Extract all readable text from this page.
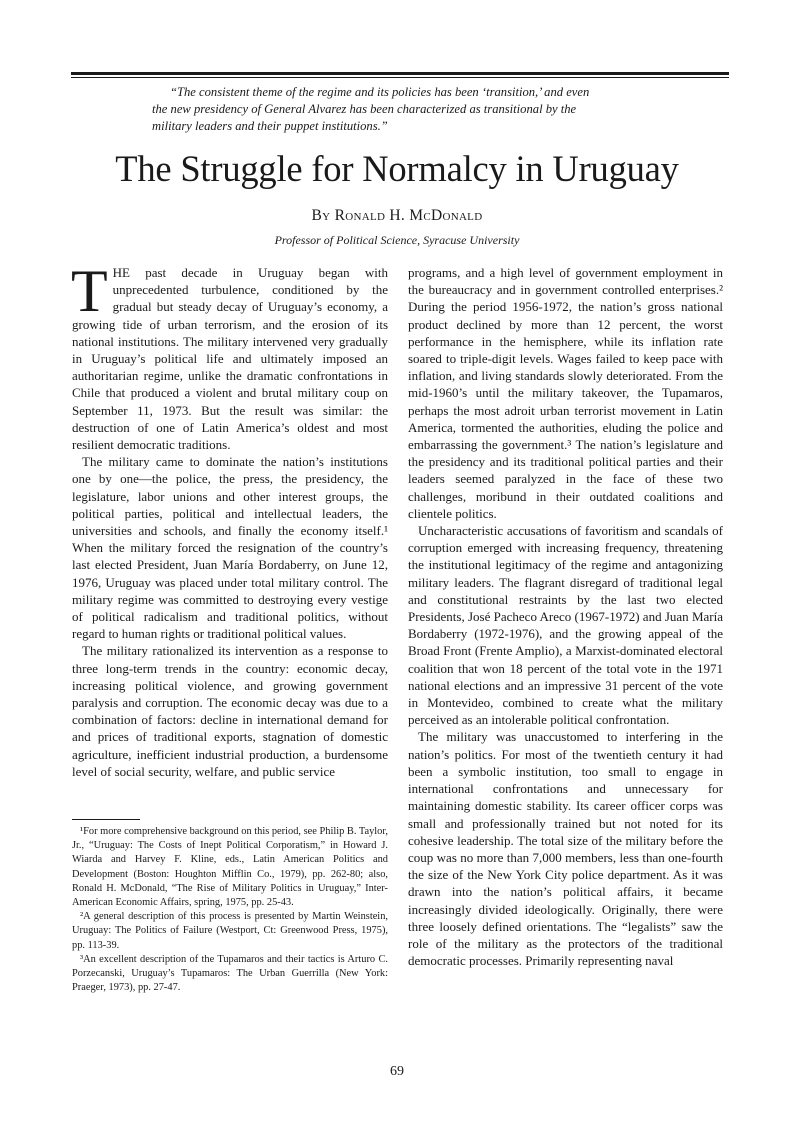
“The consistent theme of the regime and its policies has been ‘transition,’ and even
the new presidency of General Alvarez has been characterized as transitional by the
military leaders and their puppet institutions.”

The Struggle for Normalcy in Uruguay

By Ronald H. McDonald

Professor of Political Science, Syracuse University

THE past decade in Uruguay began with unprecedented turbulence, conditioned by the gradual but steady decay of Uruguay’s economy, a growing tide of urban terrorism, and the erosion of its national institutions. The military intervened very gradually in Uruguay’s political life and ultimately imposed an authoritarian regime, unlike the dramatic confrontations in Chile that produced a violent and brutal military coup on September 11, 1973. But the result was similar: the destruction of one of Latin America’s oldest and most resilient democratic traditions.

The military came to dominate the nation’s institutions one by one—the police, the press, the presidency, the legislature, labor unions and other interest groups, the political parties, political and intellectual leaders, the universities and schools, and finally the economy itself.¹ When the military forced the resignation of the country’s last elected President, Juan María Bordaberry, on June 12, 1976, Uruguay was placed under total military control. The military regime was committed to destroying every vestige of political radicalism and traditional politics, without regard to human rights or traditional political values.

The military rationalized its intervention as a response to three long-term trends in the country: economic decay, increasing political violence, and growing government paralysis and corruption. The economic decay was due to a combination of factors: decline in international demand for and prices of traditional exports, stagnation of domestic agriculture, inefficient industrial production, a burdensome level of social security, welfare, and public service

programs, and a high level of government employment in the bureaucracy and in government controlled enterprises.² During the period 1956-1972, the nation’s gross national product declined by more than 12 percent, the worst performance in the hemisphere, while its inflation rate soared to triple-digit levels. Wages failed to keep pace with inflation, and living standards slowly deteriorated. From the mid-1960’s until the military takeover, the Tupamaros, perhaps the most adroit urban terrorist movement in Latin America, tormented the authorities, eluding the police and embarrassing the government.³ The nation’s legislature and the presidency and its traditional political parties and their leaders seemed paralyzed in the face of these two challenges, moribund in their outdated coalitions and clientele politics.

Uncharacteristic accusations of favoritism and scandals of corruption emerged with increasing frequency, threatening the institutional legitimacy of the regime and antagonizing military leaders. The flagrant disregard of traditional legal and constitutional restraints by the last two elected Presidents, José Pacheco Areco (1967-1972) and Juan María Bordaberry (1972-1976), and the growing appeal of the Broad Front (Frente Amplio), a Marxist-dominated electoral coalition that won 18 percent of the total vote in the 1971 national elections and an impressive 31 percent of the vote in Montevideo, combined to create what the military perceived as an intolerable political confrontation.

The military was unaccustomed to interfering in the nation’s politics. For most of the twentieth century it had been a symbolic institution, too small to engage in international confrontations and unnecessary for maintaining domestic stability. Its career officer corps was small and professionally trained but not noted for its cohesive leadership. The total size of the military before the coup was no more than 7,000 members, less than one-fourth the size of the New York City police department. As it was drawn into the nation’s political affairs, it became increasingly divided ideologically. Originally, there were three loosely defined orientations. The “legalists” saw the role of the military as the protectors of the traditional democratic processes. Primarily representing naval

¹For more comprehensive background on this period, see Philip B. Taylor, Jr., “Uruguay: The Costs of Inept Political Corporatism,” in Howard J. Wiarda and Harvey F. Kline, eds., Latin American Politics and Development (Boston: Houghton Mifflin Co., 1979), pp. 262-80; also, Ronald H. McDonald, “The Rise of Military Politics in Uruguay,” Inter-American Economic Affairs, spring, 1975, pp. 25-43.

²A general description of this process is presented by Martin Weinstein, Uruguay: The Politics of Failure (Westport, Ct: Greenwood Press, 1975), pp. 113-39.

³An excellent description of the Tupamaros and their tactics is Arturo C. Porzecanski, Uruguay’s Tupamaros: The Urban Guerrilla (New York: Praeger, 1973), pp. 27-47.

69
